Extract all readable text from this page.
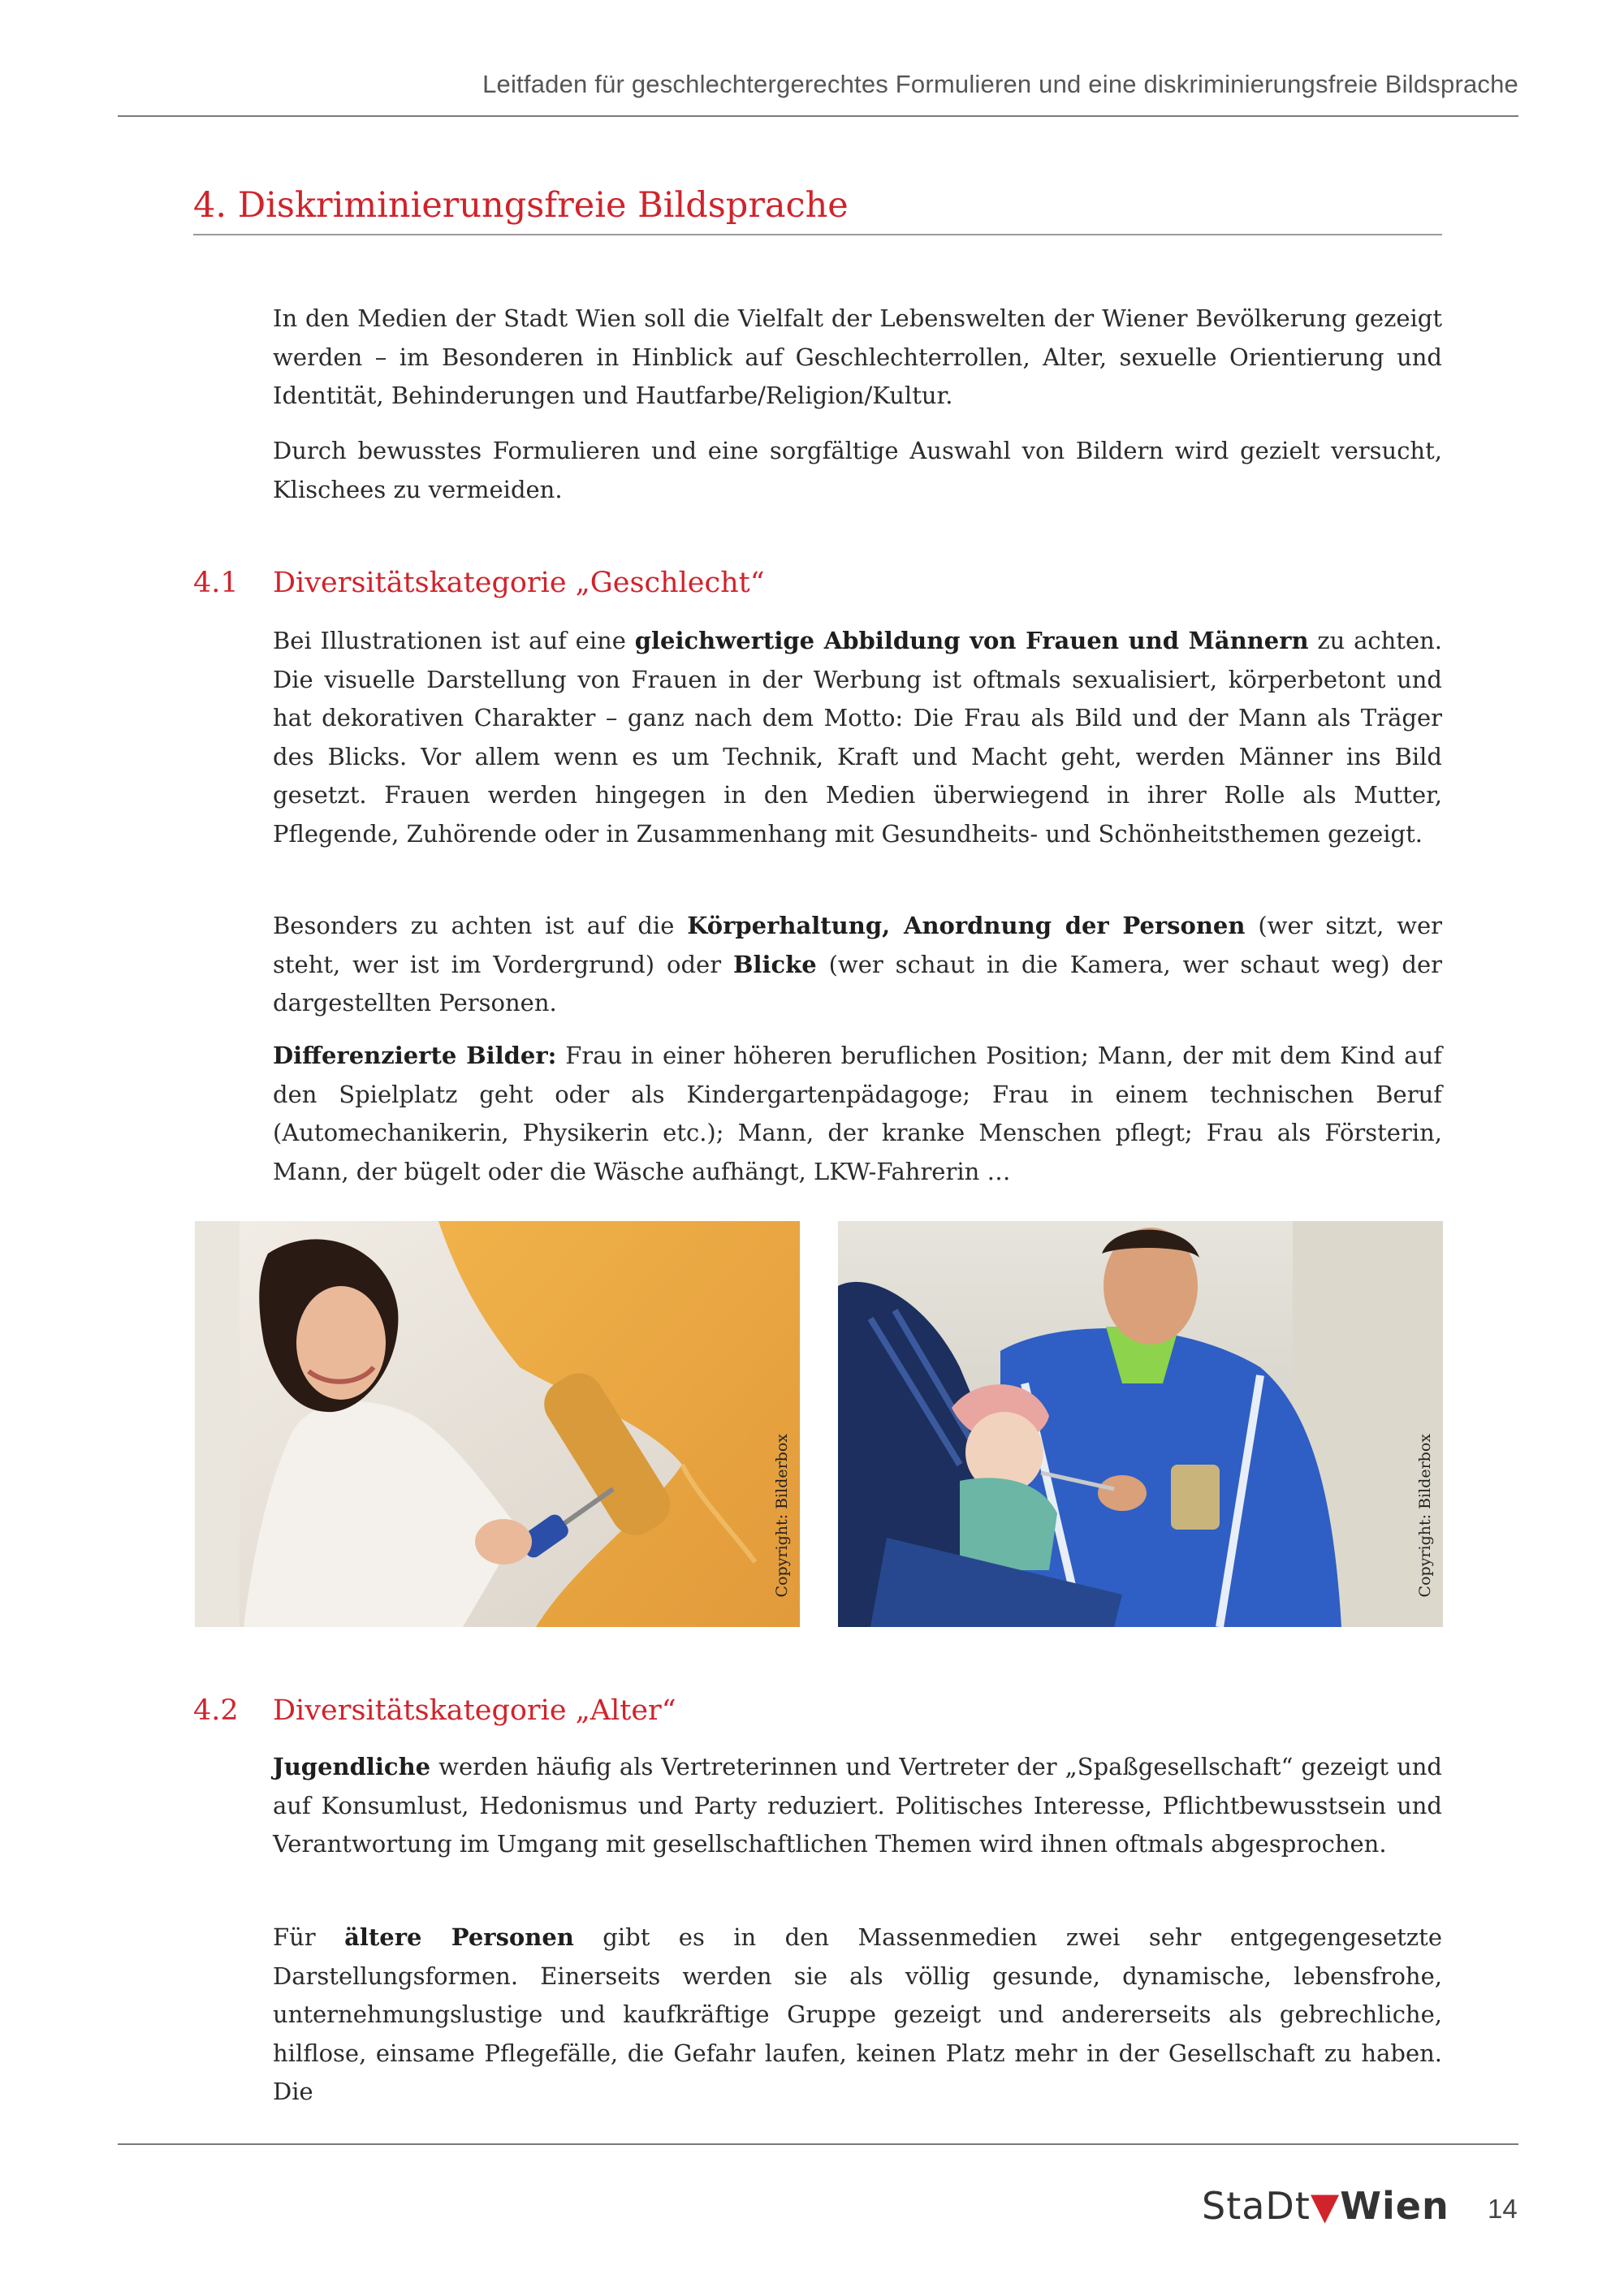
Leitfaden für geschlechtergerechtes Formulieren und eine diskriminierungsfreie Bildsprache
4. Diskriminierungsfreie Bildsprache
In den Medien der Stadt Wien soll die Vielfalt der Lebenswelten der Wiener Bevölkerung gezeigt werden – im Besonderen in Hinblick auf Geschlechterrollen, Alter, sexuelle Orientierung und Identität, Behinderungen und Hautfarbe/Religion/Kultur.
Durch bewusstes Formulieren und eine sorgfältige Auswahl von Bildern wird gezielt versucht, Klischees zu vermeiden.
4.1 Diversitätskategorie „Geschlecht“
Bei Illustrationen ist auf eine gleichwertige Abbildung von Frauen und Männern zu achten. Die visuelle Darstellung von Frauen in der Werbung ist oftmals sexualisiert, körperbetont und hat dekorativen Charakter – ganz nach dem Motto: Die Frau als Bild und der Mann als Träger des Blicks. Vor allem wenn es um Technik, Kraft und Macht geht, werden Männer ins Bild gesetzt. Frauen werden hingegen in den Medien überwiegend in ihrer Rolle als Mutter, Pflegende, Zuhörende oder in Zusammenhang mit Gesundheits- und Schönheitsthemen gezeigt.
Besonders zu achten ist auf die Körperhaltung, Anordnung der Personen (wer sitzt, wer steht, wer ist im Vordergrund) oder Blicke (wer schaut in die Kamera, wer schaut weg) der dargestellten Personen.
Differenzierte Bilder: Frau in einer höheren beruflichen Position; Mann, der mit dem Kind auf den Spielplatz geht oder als Kindergartenpädagoge; Frau in einem technischen Beruf (Automechanikerin, Physikerin etc.); Mann, der kranke Menschen pflegt; Frau als Försterin, Mann, der bügelt oder die Wäsche aufhängt, LKW-Fahrerin …
Copyright: Bilderbox	Copyright: Bilderbox
4.2 Diversitätskategorie „Alter“
Jugendliche werden häufig als Vertreterinnen und Vertreter der „Spaßgesellschaft“ gezeigt und auf Konsumlust, Hedonismus und Party reduziert. Politisches Interesse, Pflichtbewusstsein und Verantwortung im Umgang mit gesellschaftlichen Themen wird ihnen oftmals abgesprochen.
Für ältere Personen gibt es in den Massenmedien zwei sehr entgegengesetzte Darstellungsformen. Einerseits werden sie als völlig gesunde, dynamische, lebensfrohe, unternehmungslustige und kaufkräftige Gruppe gezeigt und andererseits als gebrechliche, hilflose, einsame Pflegefälle, die Gefahr laufen, keinen Platz mehr in der Gesellschaft zu haben. Die
StaDt▼Wien 14
